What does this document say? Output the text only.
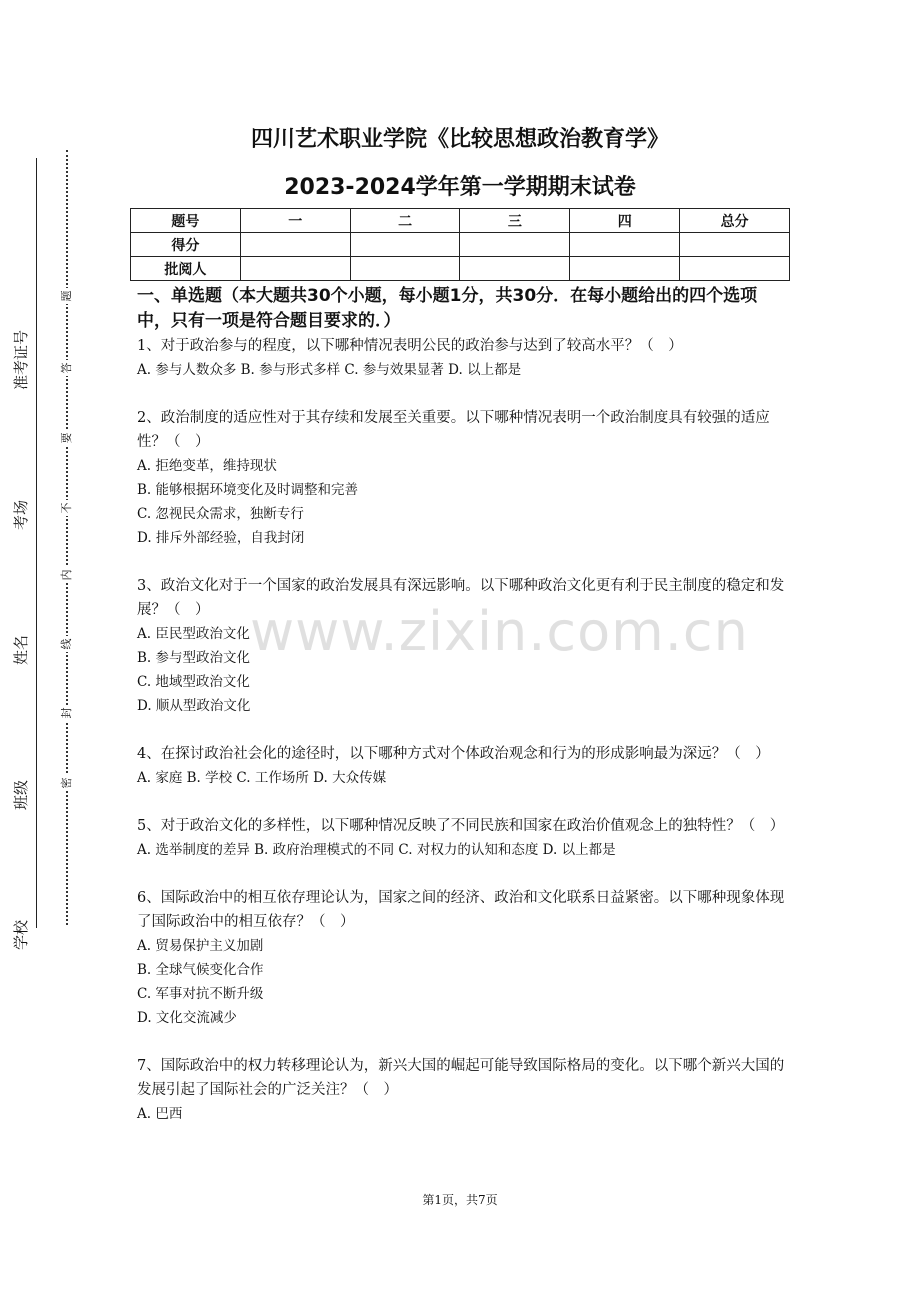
准考证号
考场
姓名
班级
学校
题
答
要
不
内
线
封
密
四川艺术职业学院《比较思想政治教育学》
2023-2024学年第一学期期末试卷
题号	一	二	三	四	总分
得分					
批阅人					
一、单选题（本大题共30个小题，每小题1分，共30分．在每小题给出的四个选项中，只有一项是符合题目要求的．）
1、对于政治参与的程度，以下哪种情况表明公民的政治参与达到了较高水平？（　）
A. 参与人数众多 B. 参与形式多样 C. 参与效果显著 D. 以上都是
2、政治制度的适应性对于其存续和发展至关重要。以下哪种情况表明一个政治制度具有较强的适应性？（　）
A. 拒绝变革，维持现状
B. 能够根据环境变化及时调整和完善
C. 忽视民众需求，独断专行
D. 排斥外部经验，自我封闭
3、政治文化对于一个国家的政治发展具有深远影响。以下哪种政治文化更有利于民主制度的稳定和发展？（　）
A. 臣民型政治文化
B. 参与型政治文化
C. 地域型政治文化
D. 顺从型政治文化
4、在探讨政治社会化的途径时，以下哪种方式对个体政治观念和行为的形成影响最为深远？（　）
A. 家庭 B. 学校 C. 工作场所 D. 大众传媒
5、对于政治文化的多样性，以下哪种情况反映了不同民族和国家在政治价值观念上的独特性？（　）
A. 选举制度的差异 B. 政府治理模式的不同 C. 对权力的认知和态度 D. 以上都是
6、国际政治中的相互依存理论认为，国家之间的经济、政治和文化联系日益紧密。以下哪种现象体现了国际政治中的相互依存？（　）
A. 贸易保护主义加剧
B. 全球气候变化合作
C. 军事对抗不断升级
D. 文化交流减少
7、国际政治中的权力转移理论认为，新兴大国的崛起可能导致国际格局的变化。以下哪个新兴大国的发展引起了国际社会的广泛关注？（　）
A. 巴西
www.zixin.com.cn
第1页，共7页
